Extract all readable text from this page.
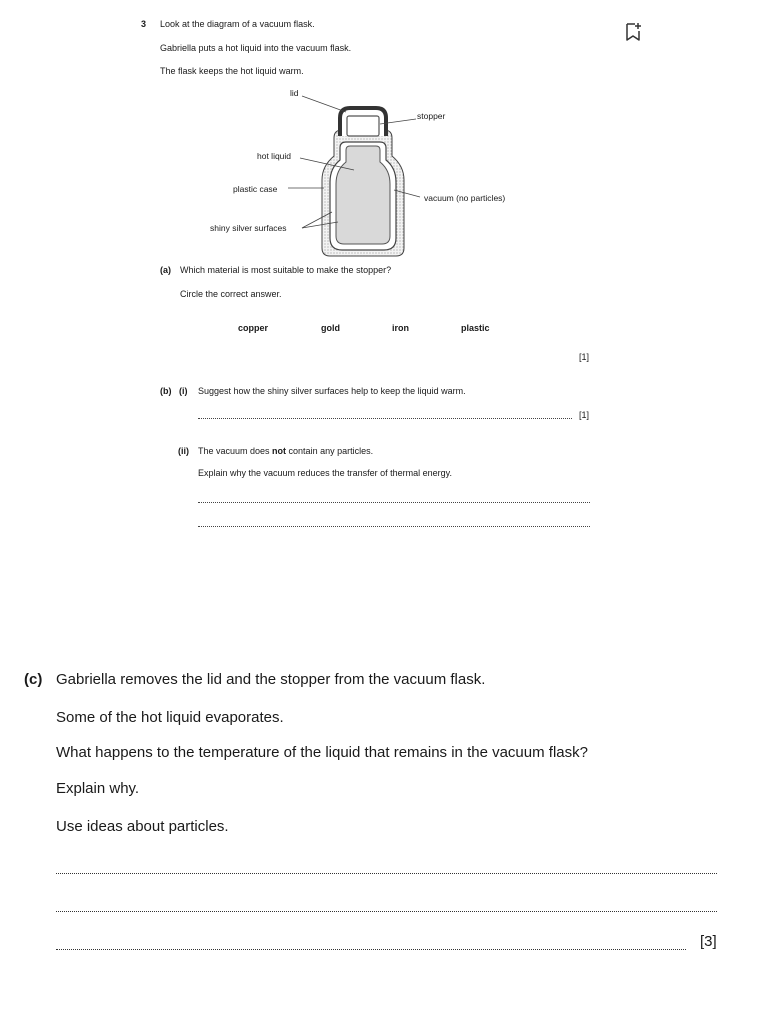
3 Look at the diagram of a vacuum flask.
Gabriella puts a hot liquid into the vacuum flask.
The flask keeps the hot liquid warm.
lid
stopper
hot liquid
plastic case
vacuum (no particles)
shiny silver surfaces
(a) Which material is most suitable to make the stopper?
Circle the correct answer.
copper	gold	iron	plastic
[1]
(b) (i) Suggest how the shiny silver surfaces help to keep the liquid warm.
[1]
(ii) The vacuum does not contain any particles.
Explain why the vacuum reduces the transfer of thermal energy.
(c) Gabriella removes the lid and the stopper from the vacuum flask.
Some of the hot liquid evaporates.
What happens to the temperature of the liquid that remains in the vacuum flask?
Explain why.
Use ideas about particles.
[3]
